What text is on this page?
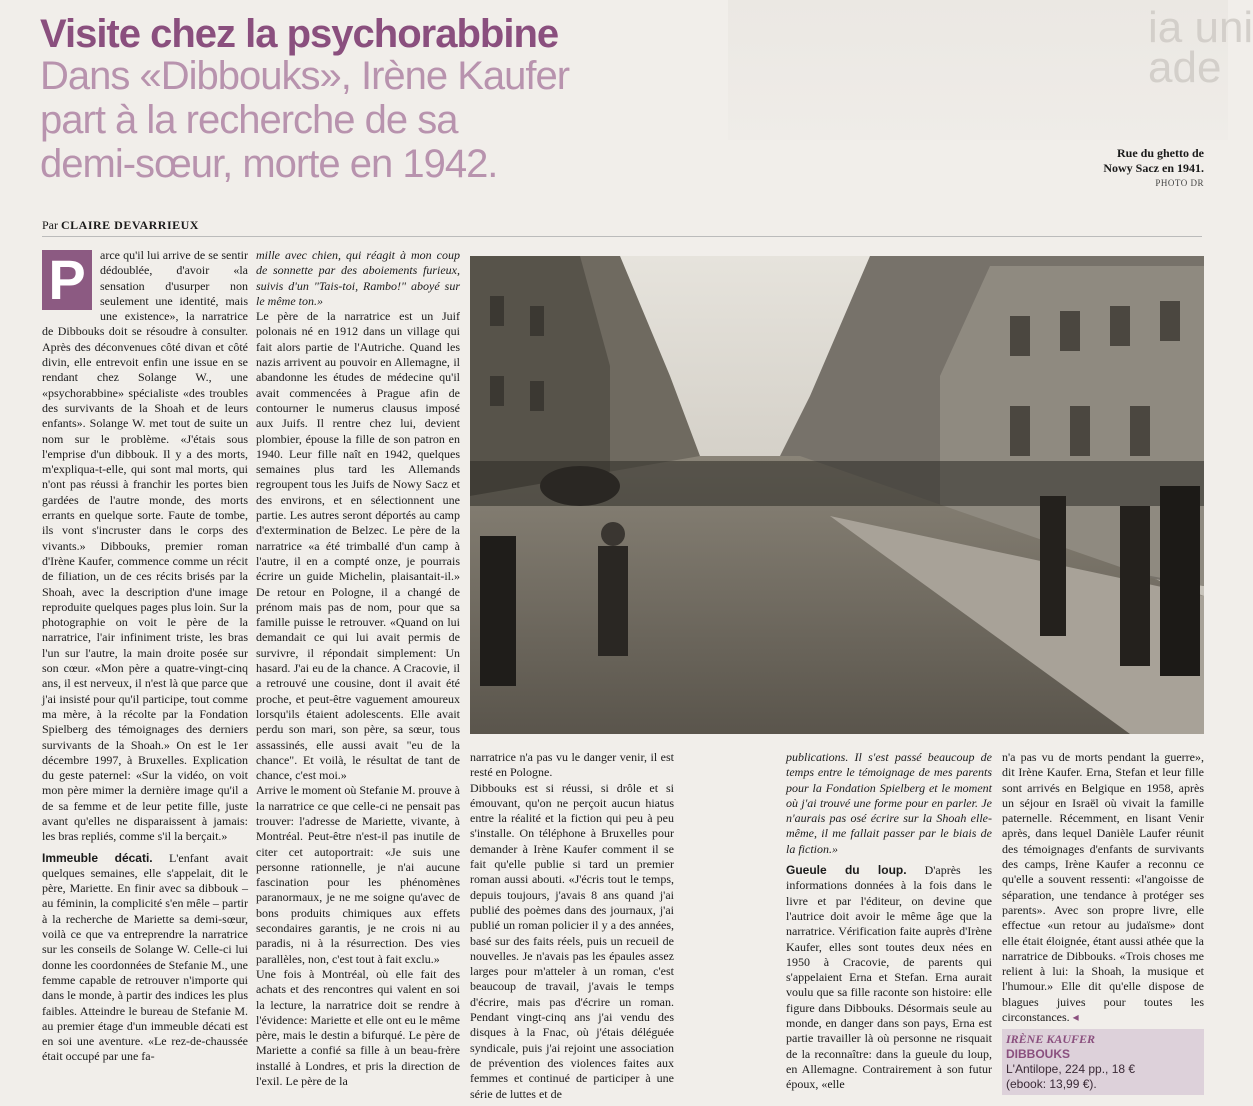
ia uni
ade
Visite chez la psychorabbine
Dans «Dibbouks», Irène Kaufer
part à la recherche de sa
demi-sœur, morte en 1942.	Rue du ghetto de
Nowy Sacz en 1941.
PHOTO DR
Par CLAIRE DEVARRIEUX
P	arce qu'il lui arrive de se sentir dédoublée, d'avoir «la sensation d'usurper non seulement une identité, mais une existence», la narratrice de Dibbouks doit se résoudre à consulter. Après des déconvenues côté divan et côté divin, elle entrevoit enfin une issue en se rendant chez Solange W., une «psychorabbine» spécialiste «des troubles des survivants de la Shoah et de leurs enfants». Solange W. met tout de suite un nom sur le problème. «J'étais sous l'emprise d'un dibbouk. Il y a des morts, m'expliqua-t-elle, qui sont mal morts, qui n'ont pas réussi à franchir les portes bien gardées de l'autre monde, des morts errants en quelque sorte. Faute de tombe, ils vont s'incruster dans le corps des vivants.» Dibbouks, premier roman d'Irène Kaufer, commence comme un récit de filiation, un de ces récits brisés par la Shoah, avec la description d'une image reproduite quelques pages plus loin. Sur la photographie on voit le père de la narratrice, l'air infiniment triste, les bras l'un sur l'autre, la main droite posée sur son cœur. «Mon père a quatre-vingt-cinq ans, il est nerveux, il n'est là que parce que j'ai insisté pour qu'il participe, tout comme ma mère, à la récolte par la Fondation Spielberg des témoignages des derniers survivants de la Shoah.» On est le 1er décembre 1997, à Bruxelles. Explication du geste paternel: «Sur la vidéo, on voit mon père mimer la dernière image qu'il a de sa femme et de leur petite fille, juste avant qu'elles ne disparaissent à jamais: les bras repliés, comme s'il la berçait.»

Immeuble décati. L'enfant avait quelques semaines, elle s'appelait, dit le père, Mariette. En finir avec sa dibbouk – au féminin, la complicité s'en mêle – partir à la recherche de Mariette sa demi-sœur, voilà ce que va entreprendre la narratrice sur les conseils de Solange W. Celle-ci lui donne les coordonnées de Stefanie M., une femme capable de retrouver n'importe qui dans le monde, à partir des indices les plus faibles. Atteindre le bureau de Stefanie M. au premier étage d'un immeuble décati est en soi une aventure. «Le rez-de-chaussée était occupé par une fa-

mille avec chien, qui réagit à mon coup de sonnette par des aboiements furieux, suivis d'un "Tais-toi, Rambo!" aboyé sur le même ton.»

Le père de la narratrice est un Juif polonais né en 1912 dans un village qui fait alors partie de l'Autriche. Quand les nazis arrivent au pouvoir en Allemagne, il abandonne les études de médecine qu'il avait commencées à Prague afin de contourner le numerus clausus imposé aux Juifs. Il rentre chez lui, devient plombier, épouse la fille de son patron en 1940. Leur fille naît en 1942, quelques semaines plus tard les Allemands regroupent tous les Juifs de Nowy Sacz et des environs, et en sélectionnent une partie. Les autres seront déportés au camp d'extermination de Belzec. Le père de la narratrice «a été trimballé d'un camp à l'autre, il en a compté onze, je pourrais écrire un guide Michelin, plaisantait-il.» De retour en Pologne, il a changé de prénom mais pas de nom, pour que sa famille puisse le retrouver. «Quand on lui demandait ce qui lui avait permis de survivre, il répondait simplement: Un hasard. J'ai eu de la chance. A Cracovie, il a retrouvé une cousine, dont il avait été proche, et peut-être vaguement amoureux lorsqu'ils étaient adolescents. Elle avait perdu son mari, son père, sa sœur, tous assassinés, elle aussi avait "eu de la chance". Et voilà, le résultat de tant de chance, c'est moi.»

Arrive le moment où Stefanie M. prouve à la narratrice ce que celle-ci ne pensait pas trouver: l'adresse de Mariette, vivante, à Montréal. Peut-être n'est-il pas inutile de citer cet autoportrait: «Je suis une personne rationnelle, je n'ai aucune fascination pour les phénomènes paranormaux, je ne me soigne qu'avec de bons produits chimiques aux effets secondaires garantis, je ne crois ni au paradis, ni à la résurrection. Des vies parallèles, non, c'est tout à fait exclu.»

Une fois à Montréal, où elle fait des achats et des rencontres qui valent en soi la lecture, la narratrice doit se rendre à l'évidence: Mariette et elle ont eu le même père, mais le destin a bifurqué. Le père de Mariette a confié sa fille à un beau-frère installé à Londres, et pris la direction de l'exil. Le père de la

narratrice n'a pas vu le danger venir, il est resté en Pologne.

Dibbouks est si réussi, si drôle et si émouvant, qu'on ne perçoit aucun hiatus entre la réalité et la fiction qui peu à peu s'installe. On téléphone à Bruxelles pour demander à Irène Kaufer comment il se fait qu'elle publie si tard un premier roman aussi abouti. «J'écris tout le temps, depuis toujours, j'avais 8 ans quand j'ai publié des poèmes dans des journaux, j'ai publié un roman policier il y a des années, basé sur des faits réels, puis un recueil de nouvelles. Je n'avais pas les épaules assez larges pour m'atteler à un roman, c'est beaucoup de travail, j'avais le temps d'écrire, mais pas d'écrire un roman. Pendant vingt-cinq ans j'ai vendu des disques à la Fnac, où j'étais déléguée syndicale, puis j'ai rejoint une association de prévention des violences faites aux femmes et continué de participer à une série de luttes et de

publications. Il s'est passé beaucoup de temps entre le témoignage de mes parents pour la Fondation Spielberg et le moment où j'ai trouvé une forme pour en parler. Je n'aurais pas osé écrire sur la Shoah elle-même, il me fallait passer par le biais de la fiction.»

Gueule du loup. D'après les informations données à la fois dans le livre et par l'éditeur, on devine que l'autrice doit avoir le même âge que la narratrice. Vérification faite auprès d'Irène Kaufer, elles sont toutes deux nées en 1950 à Cracovie, de parents qui s'appelaient Erna et Stefan. Erna aurait voulu que sa fille raconte son histoire: elle figure dans Dibbouks. Désormais seule au monde, en danger dans son pays, Erna est partie travailler là où personne ne risquait de la reconnaître: dans la gueule du loup, en Allemagne. Contrairement à son futur époux, «elle

n'a pas vu de morts pendant la guerre», dit Irène Kaufer. Erna, Stefan et leur fille sont arrivés en Belgique en 1958, après un séjour en Israël où vivait la famille paternelle. Récemment, en lisant Venir après, dans lequel Danièle Laufer réunit des témoignages d'enfants de survivants des camps, Irène Kaufer a reconnu ce qu'elle a souvent ressenti: «l'angoisse de séparation, une tendance à protéger ses parents». Avec son propre livre, elle effectue «un retour au judaïsme» dont elle était éloignée, étant aussi athée que la narratrice de Dibbouks. «Trois choses me relient à lui: la Shoah, la musique et l'humour.» Elle dit qu'elle dispose de blagues juives pour toutes les circonstances. ◂

IRÈNE KAUFER
DIBBOUKS
L'Antilope, 224 pp., 18 €
(ebook: 13,99 €).
